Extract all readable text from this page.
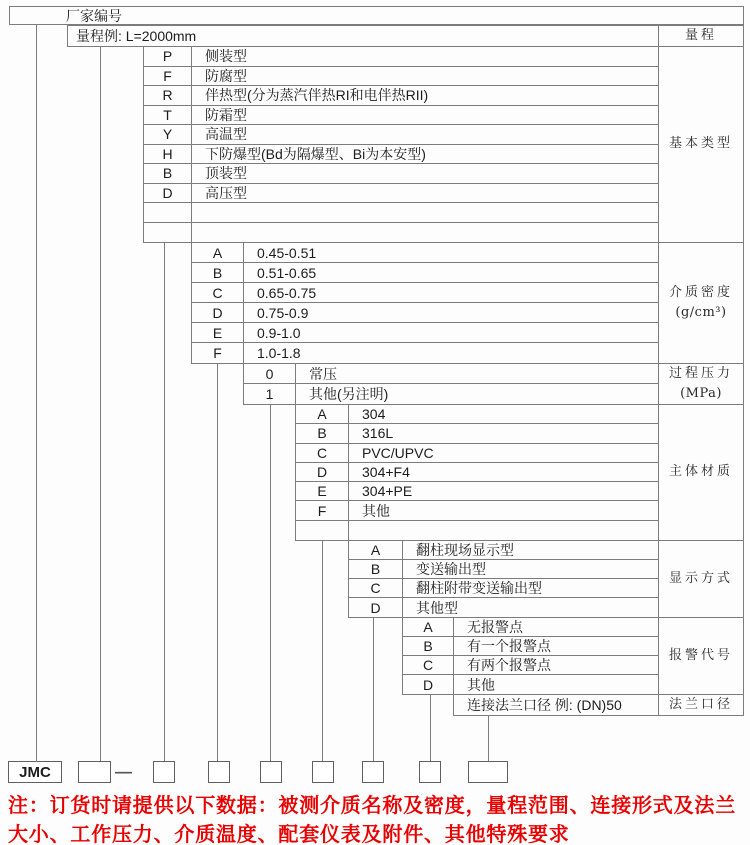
厂家编号
量程例: L=2000mm	量程
JMC	—
注：订货时请提供以下数据：被测介质名称及密度，量程范围、连接形式及法兰
大小、工作压力、介质温度、配套仪表及附件、其他特殊要求
P	侧装型
F	防腐型
R	伴热型(分为蒸汽伴热RI和电伴热RII)
T	防霜型
Y	高温型
H	下防爆型(Bd为隔爆型、Bi为本安型)
B	顶装型
D	高压型
基本类型
A	0.45-0.51
B	0.51-0.65
C	0.65-0.75
D	0.75-0.9
E	0.9-1.0
F	1.0-1.8
介质密度
(g/cm³)
0	常压
1	其他(另注明)
过程压力
(MPa)
A	304
B	316L
C	PVC/UPVC
D	304+F4
E	304+PE
F	其他
主体材质
A	翻柱现场显示型
B	变送输出型
C	翻柱附带变送输出型
D	其他型
显示方式
A	无报警点
B	有一个报警点
C	有两个报警点
D	其他
报警代号
连接法兰口径 例: (DN)50	法兰口径
